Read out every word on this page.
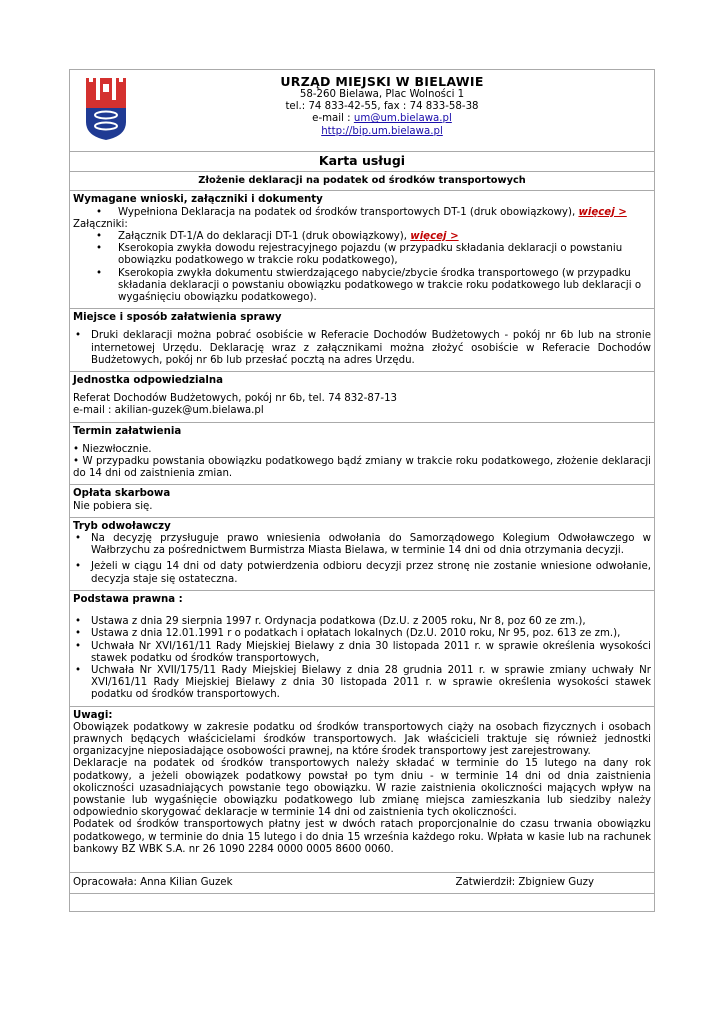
URZĄD MIEJSKI W BIELAWIE
58-260 Bielawa, Plac Wolności 1
tel.: 74 833-42-55, fax : 74 833-58-38
e-mail : um@um.bielawa.pl
http://bip.um.bielawa.pl
Karta usługi
Złożenie deklaracji na podatek od środków transportowych
Wymagane wnioski, załączniki i dokumenty
• Wypełniona Deklaracja na podatek od środków transportowych DT-1 (druk obowiązkowy), więcej >
Załączniki:
• Załącznik DT-1/A do deklaracji DT-1 (druk obowiązkowy), więcej >
• Kserokopia zwykła dowodu rejestracyjnego pojazdu (w przypadku składania deklaracji o powstaniu obowiązku podatkowego w trakcie roku podatkowego),
• Kserokopia zwykła dokumentu stwierdzającego nabycie/zbycie środka transportowego (w przypadku składania deklaracji o powstaniu obowiązku podatkowego w trakcie roku podatkowego lub deklaracji o wygaśnięciu obowiązku podatkowego).
Miejsce i sposób załatwienia sprawy
• Druki deklaracji można pobrać osobiście w Referacie Dochodów Budżetowych - pokój nr 6b lub na stronie internetowej Urzędu. Deklarację wraz z załącznikami można złożyć osobiście w Referacie Dochodów Budżetowych, pokój nr 6b lub przesłać pocztą na adres Urzędu.
Jednostka odpowiedzialna
Referat Dochodów Budżetowych, pokój nr 6b, tel. 74 832-87-13
e-mail : akilian-guzek@um.bielawa.pl
Termin załatwienia
• Niezwłocznie.
• W przypadku powstania obowiązku podatkowego bądź zmiany w trakcie roku podatkowego, złożenie deklaracji do 14 dni od zaistnienia zmian.
Opłata skarbowa
Nie pobiera się.
Tryb odwoławczy
• Na decyzję przysługuje prawo wniesienia odwołania do Samorządowego Kolegium Odwoławczego w Wałbrzychu za pośrednictwem Burmistrza Miasta Bielawa, w terminie 14 dni od dnia otrzymania decyzji.
• Jeżeli w ciągu 14 dni od daty potwierdzenia odbioru decyzji przez stronę nie zostanie wniesione odwołanie, decyzja staje się ostateczna.
Podstawa prawna :
• Ustawa z dnia 29 sierpnia 1997 r. Ordynacja podatkowa (Dz.U. z 2005 roku, Nr 8, poz 60 ze zm.),
• Ustawa z dnia 12.01.1991 r o podatkach i opłatach lokalnych (Dz.U. 2010 roku, Nr 95, poz. 613 ze zm.),
• Uchwała Nr XVI/161/11 Rady Miejskiej Bielawy z dnia 30 listopada 2011 r. w sprawie określenia wysokości stawek podatku od środków transportowych,
• Uchwała Nr XVII/175/11 Rady Miejskiej Bielawy z dnia 28 grudnia 2011 r. w sprawie zmiany uchwały Nr XVI/161/11 Rady Miejskiej Bielawy z dnia 30 listopada 2011 r. w sprawie określenia wysokości stawek podatku od środków transportowych.
Uwagi:
Obowiązek podatkowy w zakresie podatku od środków transportowych ciąży na osobach fizycznych i osobach prawnych będących właścicielami środków transportowych. Jak właścicieli traktuje się również jednostki organizacyjne nieposiadające osobowości prawnej, na które środek transportowy jest zarejestrowany.
Deklaracje na podatek od środków transportowych należy składać w terminie do 15 lutego na dany rok podatkowy, a jeżeli obowiązek podatkowy powstał po tym dniu - w terminie 14 dni od dnia zaistnienia okoliczności uzasadniających powstanie tego obowiązku. W razie zaistnienia okoliczności mających wpływ na powstanie lub wygaśnięcie obowiązku podatkowego lub zmianę miejsca zamieszkania lub siedziby należy odpowiednio skorygować deklaracje w terminie 14 dni od zaistnienia tych okoliczności.
Podatek od środków transportowych płatny jest w dwóch ratach proporcjonalnie do czasu trwania obowiązku podatkowego, w terminie do dnia 15 lutego i do dnia 15 września każdego roku. Wpłata w kasie lub na rachunek bankowy BZ WBK S.A. nr 26 1090 2284 0000 0005 8600 0060.
Opracowała: Anna Kilian Guzek	Zatwierdził: Zbigniew Guzy
